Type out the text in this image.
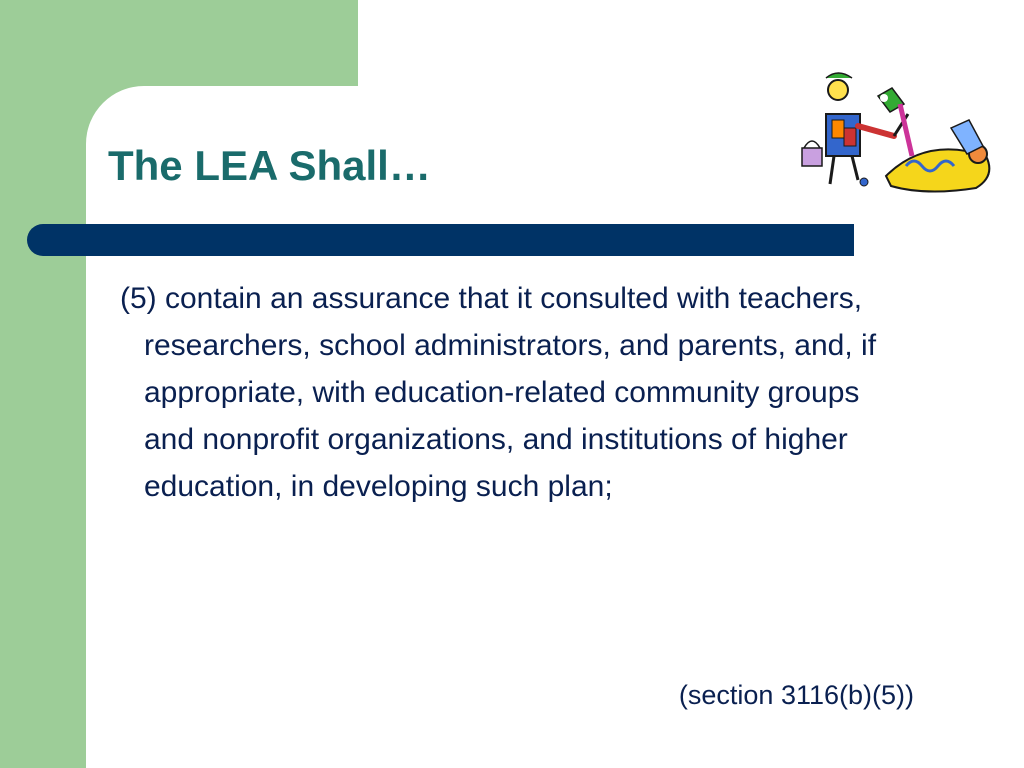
The LEA Shall…

(5) contain an assurance that it consulted with teachers, researchers, school administrators, and parents, and, if appropriate, with education-related community groups and nonprofit organizations, and institutions of higher education, in developing such plan;

(section 3116(b)(5))
